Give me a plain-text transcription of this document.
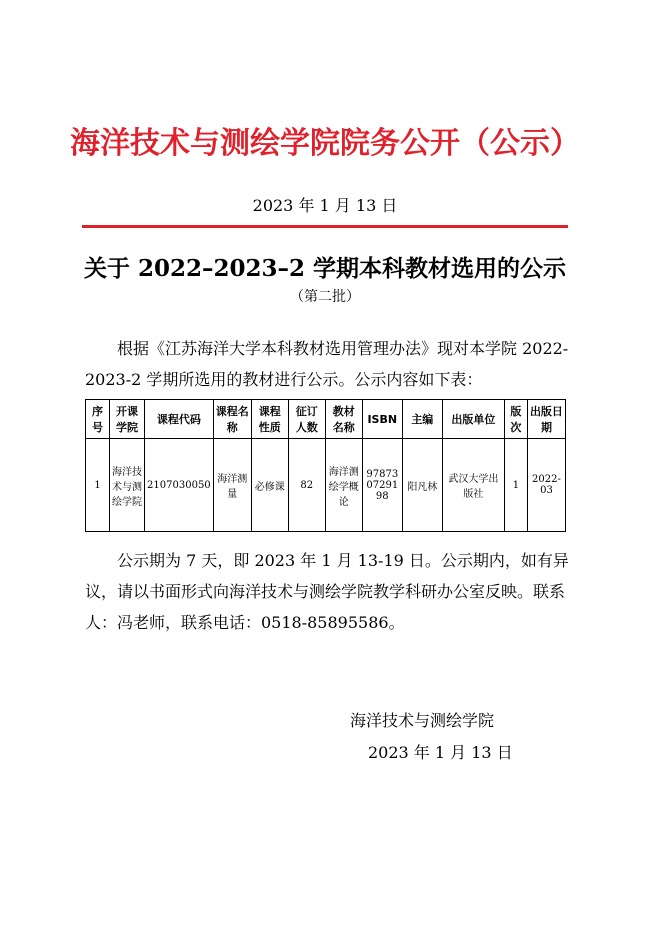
海洋技术与测绘学院院务公开（公示）
2023 年 1 月 13 日
关于 2022–2023–2 学期本科教材选用的公示
（第二批）
根据《江苏海洋大学本科教材选用管理办法》现对本学院 2022-2023-2 学期所选用的教材进行公示。公示内容如下表：
序号	开课学院	课程代码	课程名称	课程性质	征订人数	教材名称	ISBN	主编	出版单位	版次	出版日期
1	海洋技术与测绘学院	2107030050	海洋测量	必修课	82	海洋测绘学概论	978730729198	阳凡林	武汉大学出版社	1	2022-03
公示期为 7 天，即 2023 年 1 月 13-19 日。公示期内，如有异议，请以书面形式向海洋技术与测绘学院教学科研办公室反映。联系人：冯老师，联系电话：0518-85895586。
海洋技术与测绘学院
2023 年 1 月 13 日
